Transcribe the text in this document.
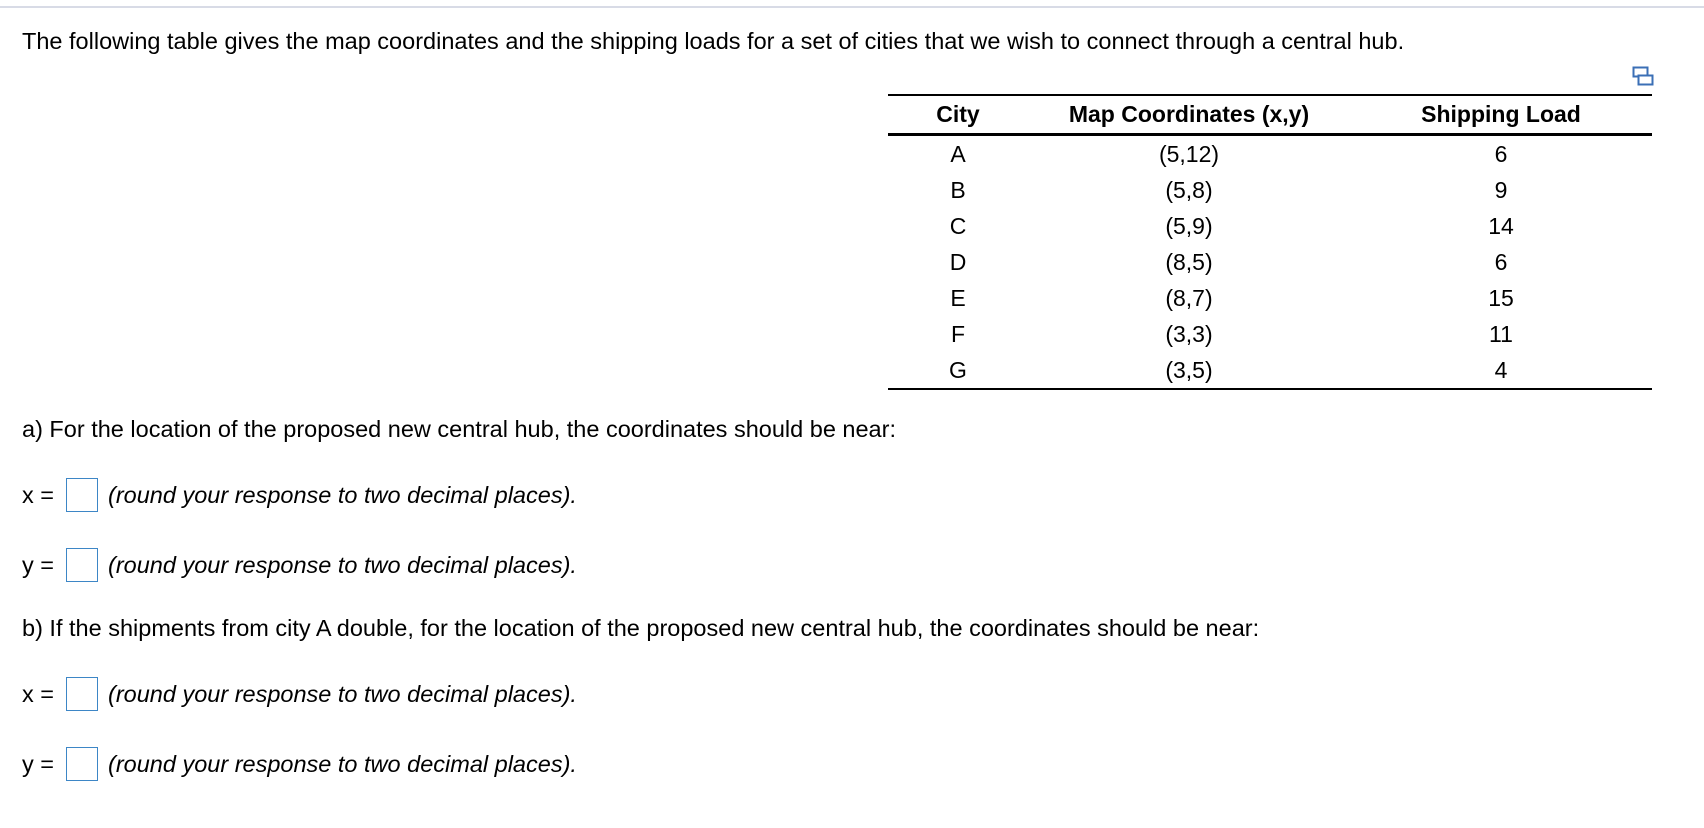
The following table gives the map coordinates and the shipping loads for a set of cities that we wish to connect through a central hub.
City	Map Coordinates (x,y)	Shipping Load
A	(5,12)	6
B	(5,8)	9
C	(5,9)	14
D	(8,5)	6
E	(8,7)	15
F	(3,3)	11
G	(3,5)	4
a) For the location of the proposed new central hub, the coordinates should be near:
x =	(round your response to two decimal places).
y =	(round your response to two decimal places).
b) If the shipments from city A double, for the location of the proposed new central hub, the coordinates should be near:
x =	(round your response to two decimal places).
y =	(round your response to two decimal places).
